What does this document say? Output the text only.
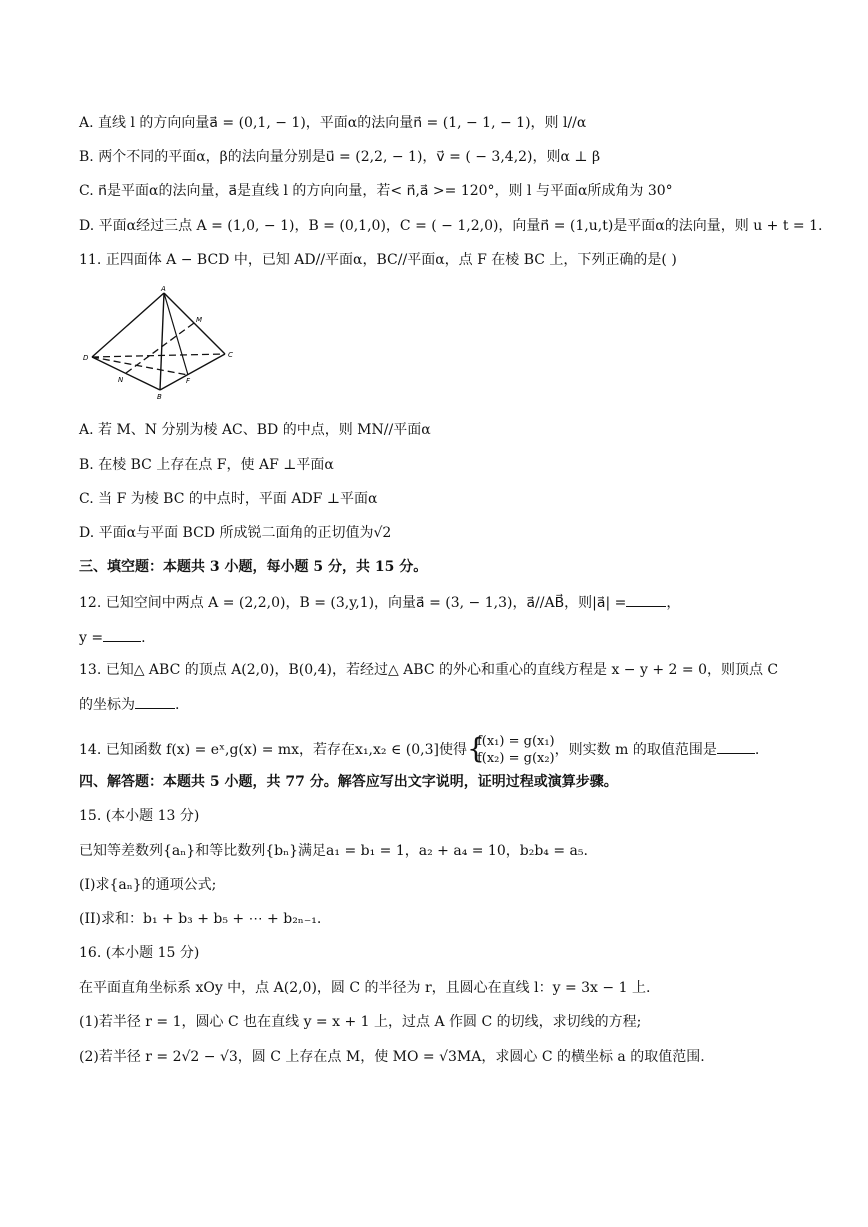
A. 直线 l 的方向向量a⃗ = (0,1, − 1)，平面α的法向量n⃗ = (1, − 1, − 1)，则 l//α
B. 两个不同的平面α，β的法向量分别是u⃗ = (2,2, − 1)，v⃗ = ( − 3,4,2)，则α ⊥ β
C. n⃗是平面α的法向量，a⃗是直线 l 的方向向量，若< n⃗,a⃗ >= 120°，则 l 与平面α所成角为 30°
D. 平面α经过三点 A = (1,0, − 1)，B = (0,1,0)，C = ( − 1,2,0)，向量n⃗ = (1,u,t)是平面α的法向量，则 u + t = 1.
11. 正四面体 A − BCD 中，已知 AD//平面α，BC//平面α，点 F 在棱 BC 上，下列正确的是( )
A
D	C
B
M
N	F
A. 若 M、N 分别为棱 AC、BD 的中点，则 MN//平面α
B. 在棱 BC 上存在点 F，使 AF ⊥平面α
C. 当 F 为棱 BC 的中点时，平面 ADF ⊥平面α
D. 平面α与平面 BCD 所成锐二面角的正切值为√2
三、填空题：本题共 3 小题，每小题 5 分，共 15 分。
12. 已知空间中两点 A = (2,2,0)，B = (3,y,1)，向量a⃗ = (3, − 1,3)，a⃗//AB⃗，则|a⃗| =	，
y =	.
13. 已知△ ABC 的顶点 A(2,0)，B(0,4)，若经过△ ABC 的外心和重心的直线方程是 x − y + 2 = 0，则顶点 C
的坐标为	.
14. 已知函数 f(x) = eˣ,g(x) = mx，若存在x₁,x₂ ∈ (0,3]使得 {
f(x₁) = g(x₁)
f(x₂) = g(x₂)
，则实数 m 的取值范围是	.
四、解答题：本题共 5 小题，共 77 分。解答应写出文字说明，证明过程或演算步骤。
15. (本小题 13 分)
已知等差数列{aₙ}和等比数列{bₙ}满足a₁ = b₁ = 1，a₂ + a₄ = 10，b₂b₄ = a₅.
(I)求{aₙ}的通项公式;
(II)求和：b₁ + b₃ + b₅ + ⋯ + b₂ₙ₋₁.
16. (本小题 15 分)
在平面直角坐标系 xOy 中，点 A(2,0)，圆 C 的半径为 r，且圆心在直线 l：y = 3x − 1 上.
(1)若半径 r = 1，圆心 C 也在直线 y = x + 1 上，过点 A 作圆 C 的切线，求切线的方程;
(2)若半径 r = 2√2 − √3，圆 C 上存在点 M，使 MO = √3MA，求圆心 C 的横坐标 a 的取值范围.
